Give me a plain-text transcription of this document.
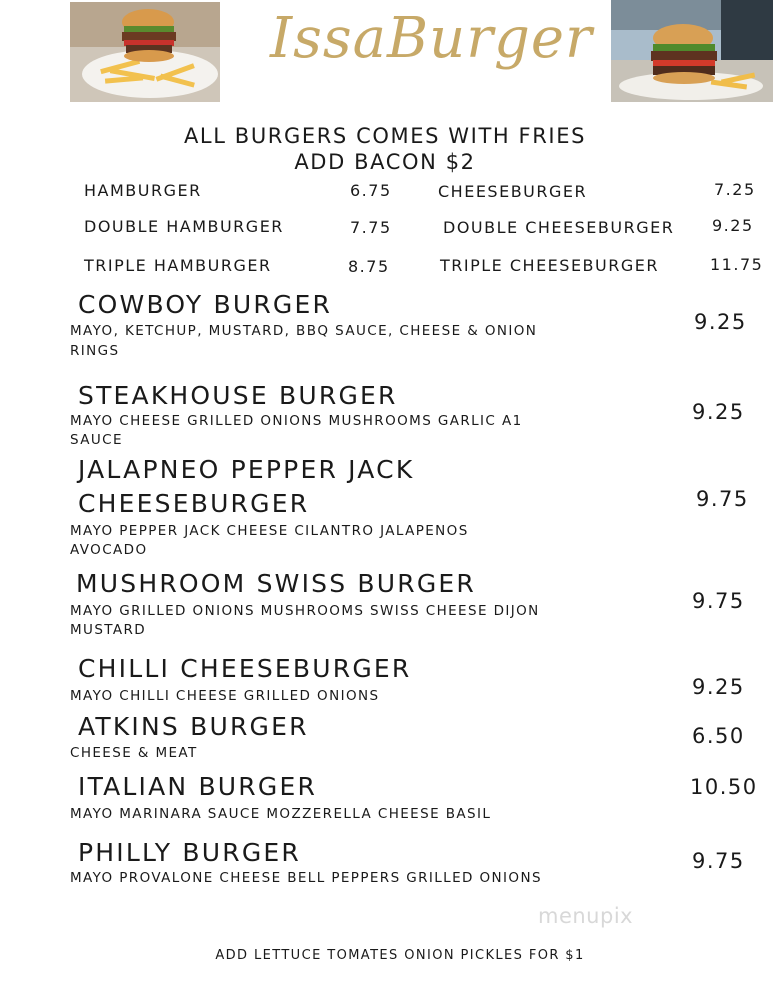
IssaBurger
ALL BURGERS COMES WITH FRIES
ADD BACON $2
HAMBURGER	6.75	CHEESEBURGER	7.25
DOUBLE HAMBURGER	7.75	DOUBLE CHEESEBURGER 9.25
TRIPLE HAMBURGER	8.75	TRIPLE CHEESEBURGER	11.75
COWBOY BURGER
MAYO, KETCHUP, MUSTARD, BBQ SAUCE, CHEESE & ONION
RINGS
9.25
STEAKHOUSE BURGER
MAYO CHEESE GRILLED ONIONS MUSHROOMS GARLIC A1
SAUCE
9.25
JALAPNEO PEPPER JACK
CHEESEBURGER
MAYO PEPPER JACK CHEESE CILANTRO JALAPENOS
AVOCADO
9.75
MUSHROOM SWISS BURGER
MAYO GRILLED ONIONS MUSHROOMS SWISS CHEESE DIJON
MUSTARD
9.75
CHILLI CHEESEBURGER
MAYO CHILLI CHEESE GRILLED ONIONS	9.25
ATKINS BURGER
CHEESE & MEAT
6.50
ITALIAN BURGER
MAYO MARINARA SAUCE MOZZERELLA CHEESE BASIL
10.50
PHILLY BURGER
MAYO PROVALONE CHEESE BELL PEPPERS GRILLED ONIONS
9.75
menupix
ADD LETTUCE TOMATES ONION PICKLES FOR $1
